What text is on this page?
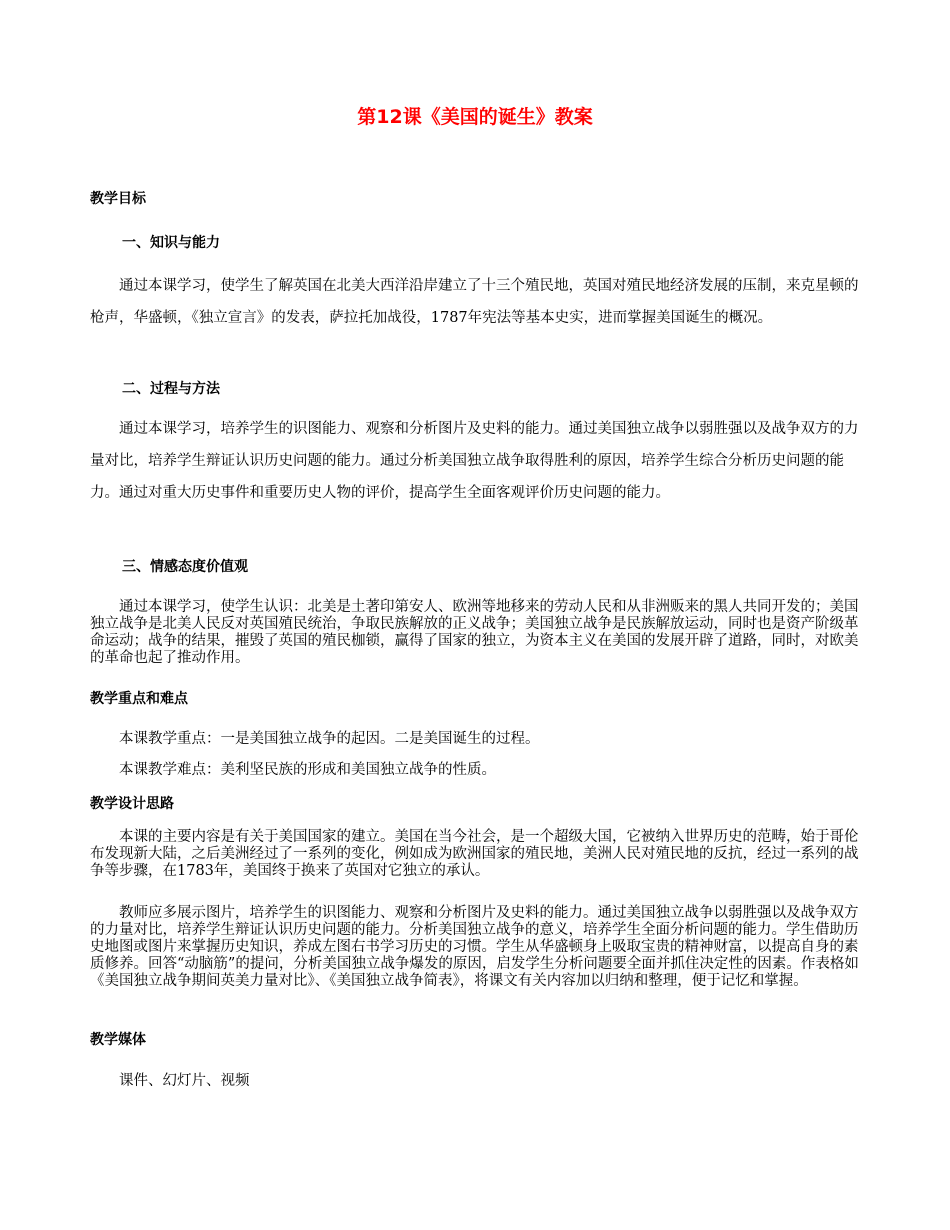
第12课《美国的诞生》教案
教学目标
一、知识与能力
通过本课学习，使学生了解英国在北美大西洋沿岸建立了十三个殖民地，英国对殖民地经济发展的压制，来克星顿的枪声，华盛顿，《独立宣言》的发表，萨拉托加战役，1787年宪法等基本史实，进而掌握美国诞生的概况。
二、过程与方法
通过本课学习，培养学生的识图能力、观察和分析图片及史料的能力。通过美国独立战争以弱胜强以及战争双方的力量对比，培养学生辩证认识历史问题的能力。通过分析美国独立战争取得胜利的原因，培养学生综合分析历史问题的能力。通过对重大历史事件和重要历史人物的评价，提高学生全面客观评价历史问题的能力。
三、情感态度价值观
通过本课学习，使学生认识：北美是土著印第安人、欧洲等地移来的劳动人民和从非洲贩来的黑人共同开发的；美国独立战争是北美人民反对英国殖民统治，争取民族解放的正义战争；美国独立战争是民族解放运动，同时也是资产阶级革命运动；战争的结果，摧毁了英国的殖民枷锁，赢得了国家的独立，为资本主义在美国的发展开辟了道路，同时，对欧美的革命也起了推动作用。
教学重点和难点
本课教学重点：一是美国独立战争的起因。二是美国诞生的过程。
本课教学难点：美利坚民族的形成和美国独立战争的性质。
教学设计思路
本课的主要内容是有关于美国国家的建立。美国在当今社会，是一个超级大国，它被纳入世界历史的范畴，始于哥伦布发现新大陆，之后美洲经过了一系列的变化，例如成为欧洲国家的殖民地，美洲人民对殖民地的反抗，经过一系列的战争等步骤，在1783年，美国终于换来了英国对它独立的承认。
教师应多展示图片，培养学生的识图能力、观察和分析图片及史料的能力。通过美国独立战争以弱胜强以及战争双方的力量对比，培养学生辩证认识历史问题的能力。分析美国独立战争的意义，培养学生全面分析问题的能力。学生借助历史地图或图片来掌握历史知识，养成左图右书学习历史的习惯。学生从华盛顿身上吸取宝贵的精神财富，以提高自身的素质修养。回答“动脑筋”的提问，分析美国独立战争爆发的原因，启发学生分析问题要全面并抓住决定性的因素。作表格如《美国独立战争期间英美力量对比》、《美国独立战争简表》，将课文有关内容加以归纳和整理，便于记忆和掌握。
教学媒体
课件、幻灯片、视频
